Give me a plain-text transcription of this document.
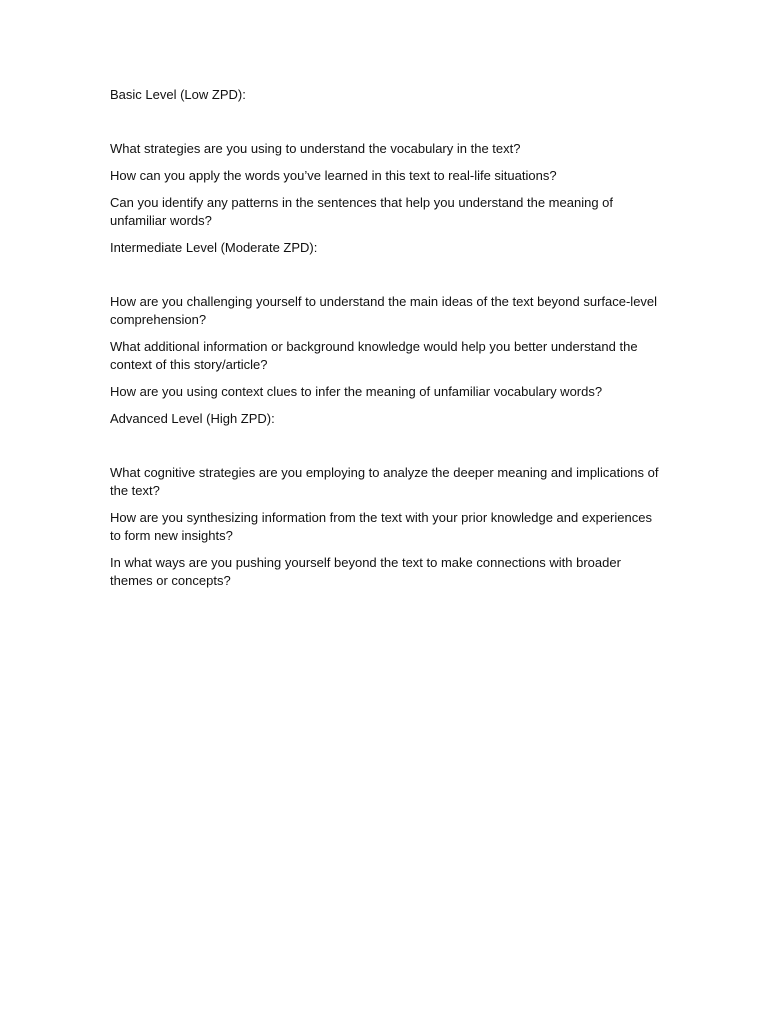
Basic Level (Low ZPD):

What strategies are you using to understand the vocabulary in the text?

How can you apply the words you’ve learned in this text to real-life situations?

Can you identify any patterns in the sentences that help you understand the meaning of unfamiliar words?

Intermediate Level (Moderate ZPD):

How are you challenging yourself to understand the main ideas of the text beyond surface-level comprehension?

What additional information or background knowledge would help you better understand the context of this story/article?

How are you using context clues to infer the meaning of unfamiliar vocabulary words?

Advanced Level (High ZPD):

What cognitive strategies are you employing to analyze the deeper meaning and implications of the text?

How are you synthesizing information from the text with your prior knowledge and experiences to form new insights?

In what ways are you pushing yourself beyond the text to make connections with broader themes or concepts?
